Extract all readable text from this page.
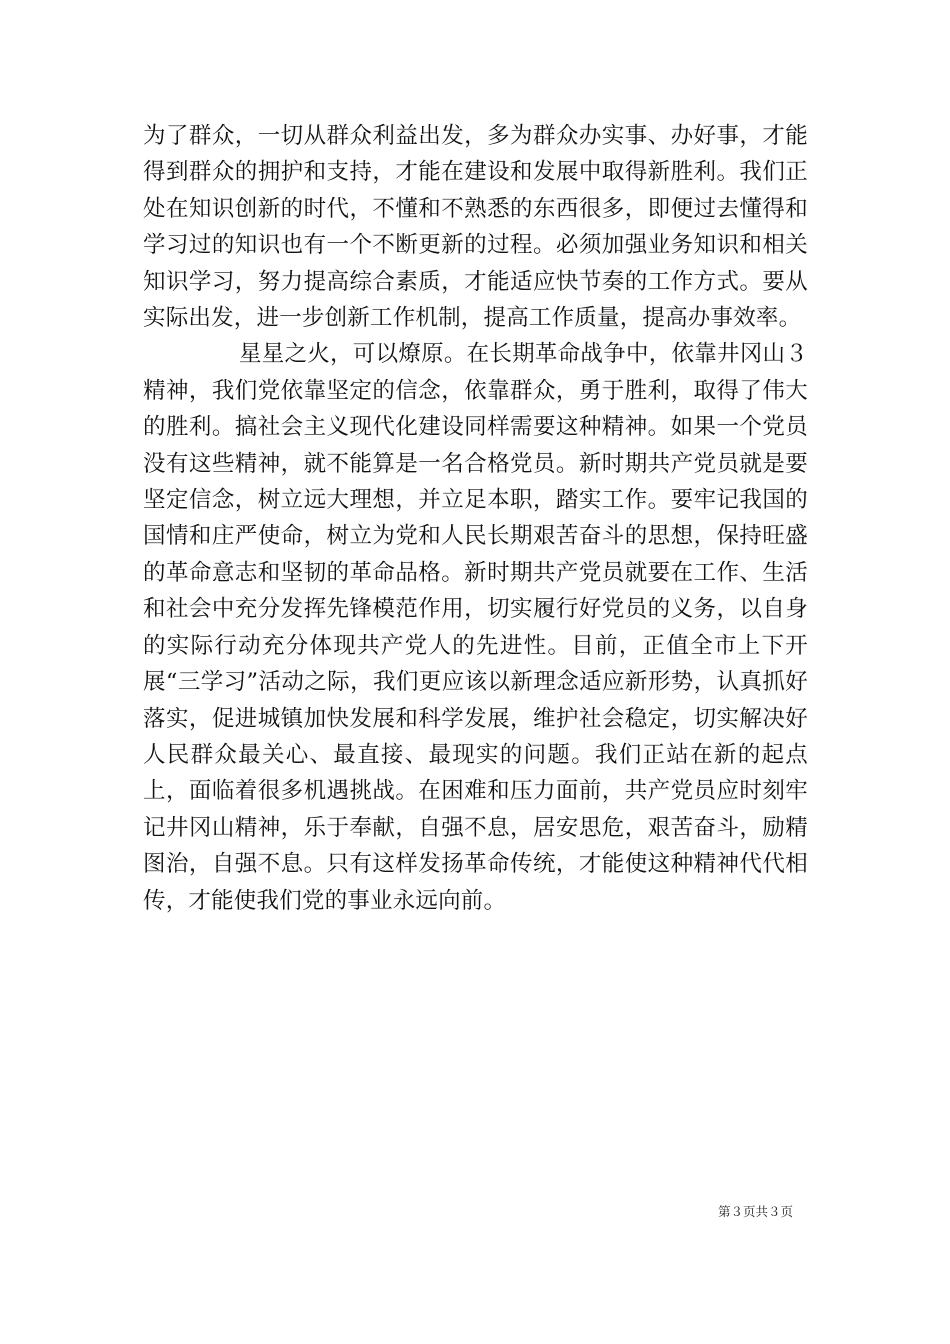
为了群众，一切从群众利益出发，多为群众办实事、办好事，才能得到群众的拥护和支持，才能在建设和发展中取得新胜利。我们正处在知识创新的时代，不懂和不熟悉的东西很多，即便过去懂得和学习过的知识也有一个不断更新的过程。必须加强业务知识和相关知识学习，努力提高综合素质，才能适应快节奏的工作方式。要从实际出发，进一步创新工作机制，提高工作质量，提高办事效率。

星星之火，可以燎原。在长期革命战争中，依靠井冈山３精神，我们党依靠坚定的信念，依靠群众，勇于胜利，取得了伟大的胜利。搞社会主义现代化建设同样需要这种精神。如果一个党员没有这些精神，就不能算是一名合格党员。新时期共产党员就是要坚定信念，树立远大理想，并立足本职，踏实工作。要牢记我国的国情和庄严使命，树立为党和人民长期艰苦奋斗的思想，保持旺盛的革命意志和坚韧的革命品格。新时期共产党员就要在工作、生活和社会中充分发挥先锋模范作用，切实履行好党员的义务，以自身的实际行动充分体现共产党人的先进性。目前，正值全市上下开展“三学习”活动之际，我们更应该以新理念适应新形势，认真抓好落实，促进城镇加快发展和科学发展，维护社会稳定，切实解决好人民群众最关心、最直接、最现实的问题。我们正站在新的起点上，面临着很多机遇挑战。在困难和压力面前，共产党员应时刻牢记井冈山精神，乐于奉献，自强不息，居安思危，艰苦奋斗，励精图治，自强不息。只有这样发扬革命传统，才能使这种精神代代相传，才能使我们党的事业永远向前。

第３页共３页
